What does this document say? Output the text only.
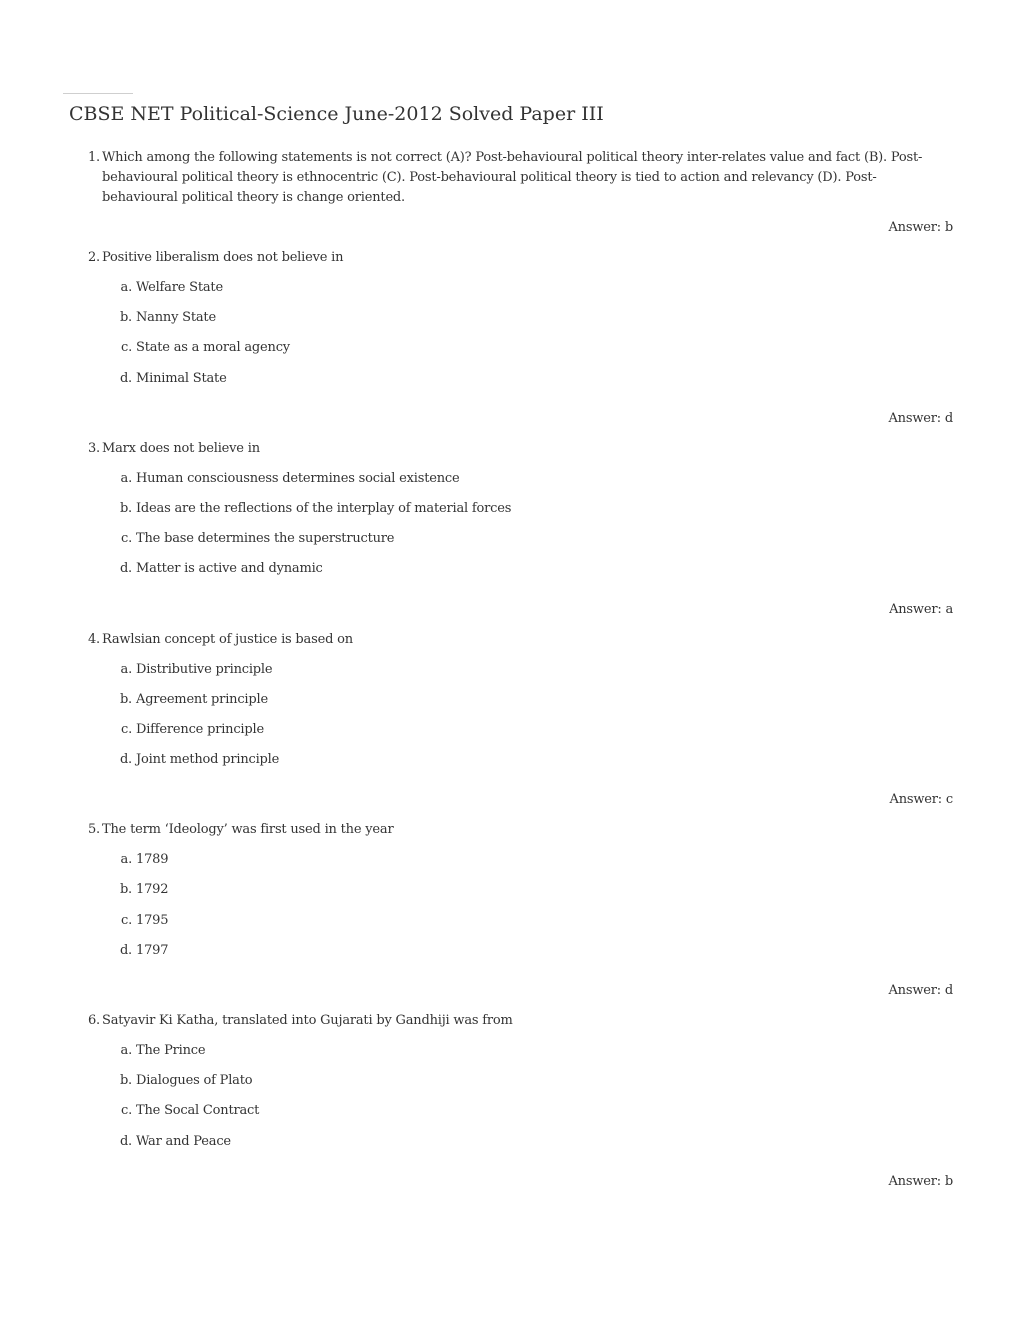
CBSE NET Political-Science June-2012 Solved Paper III
1. Which among the following statements is not correct (A)? Post-behavioural political theory inter-relates value and fact (B). Post-behavioural political theory is ethnocentric (C). Post-behavioural political theory is tied to action and relevancy (D). Post-behavioural political theory is change oriented.

Answer: b

2. Positive liberalism does not believe in

a. Welfare State
b. Nanny State
c. State as a moral agency
d. Minimal State

Answer: d

3. Marx does not believe in

a. Human consciousness determines social existence
b. Ideas are the reflections of the interplay of material forces
c. The base determines the superstructure
d. Matter is active and dynamic

Answer: a

4. Rawlsian concept of justice is based on

a. Distributive principle
b. Agreement principle
c. Difference principle
d. Joint method principle

Answer: c

5. The term ‘Ideology’ was first used in the year

a. 1789
b. 1792
c. 1795
d. 1797

Answer: d

6. Satyavir Ki Katha, translated into Gujarati by Gandhiji was from

a. The Prince
b. Dialogues of Plato
c. The Socal Contract
d. War and Peace

Answer: b
